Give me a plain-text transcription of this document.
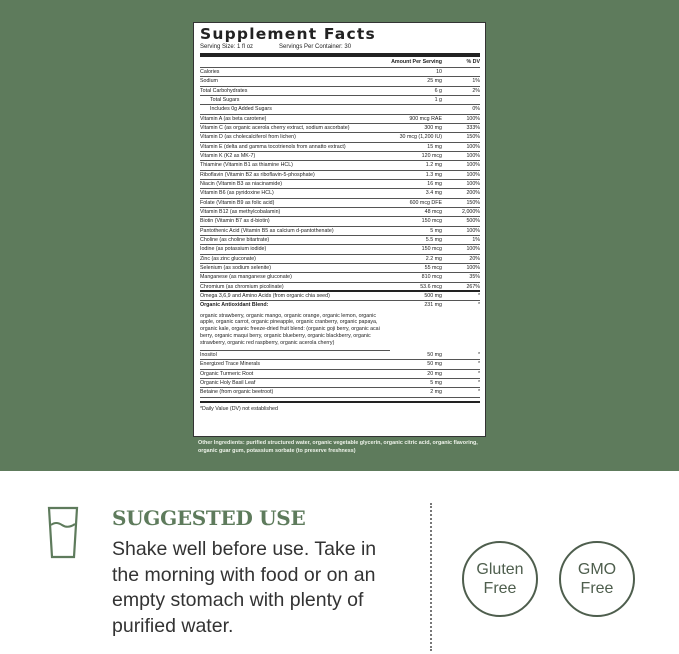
Supplement Facts
Serving Size: 1 fl oz	Servings Per Container: 30
Amount Per Serving	% DV
Calories	10
Sodium	25 mg	1%
Total Carbohydrates	6 g	2%
Total Sugars	1 g
Includes 0g Added Sugars	0%
Vitamin A (as beta carotene)	900 mcg RAE	100%
Vitamin C (as organic acerola cherry extract, sodium ascorbate)	300 mg	333%
Vitamin D (as cholecalciferol from lichen)	30 mcg (1,200 IU)	150%
Vitamin E (delta and gamma tocotrienols from annatto extract)	15 mg	100%
Vitamin K (K2 as MK-7)	120 mcg	100%
Thiamine (Vitamin B1 as thiamine HCL)	1.2 mg	100%
Riboflavin (Vitamin B2 as riboflavin-5-phosphate)	1.3 mg	100%
Niacin (Vitamin B3 as niacinamide)	16 mg	100%
Vitamin B6 (as pyridoxine HCL)	3.4 mg	200%
Folate (Vitamin B9 as folic acid)	600 mcg DFE	150%
Vitamin B12 (as methylcobalamin)	48 mcg	2,000%
Biotin (Vitamin B7 as d-biotin)	150 mcg	500%
Pantothenic Acid (Vitamin B5 as calcium d-pantothenate)	5 mg	100%
Choline (as choline bitartrate)	5.5 mg	1%
Iodine (as potassium iodide)	150 mcg	100%
Zinc (as zinc gluconate)	2.2 mg	20%
Selenium (as sodium selenite)	55 mcg	100%
Manganese (as manganese gluconate)	810 mcg	35%
Chromium (as chromium picolinate)	53.6 mcg	267%
Omega 3,6,9 and Amino Acids (from organic chia seed)	500 mg	*
Organic Antioxidant Blend:	231 mg	*
organic strawberry, organic mango, organic orange, organic lemon, organic apple, organic carrot, organic pineapple, organic cranberry, organic papaya, organic kale, organic freeze-dried fruit blend: (organic goji berry, organic acai berry, organic maqui berry, organic blueberry, organic blackberry, organic strawberry, organic red raspberry, organic acerola cherry)
Inositol	50 mg	*
Energized Trace Minerals	50 mg	*
Organic Turmeric Root	20 mg	*
Organic Holy Basil Leaf	5 mg	*
Betaine (from organic beetroot)	2 mg	*
*Daily Value (DV) not established
Other Ingredients: purified structured water, organic vegetable glycerin, organic citric acid, organic flavoring, organic guar gum, potassium sorbate (to preserve freshness)
SUGGESTED USE
Shake well before use. Take in the morning with food or on an empty stomach with plenty of purified water.
Gluten
Free
GMO
Free
